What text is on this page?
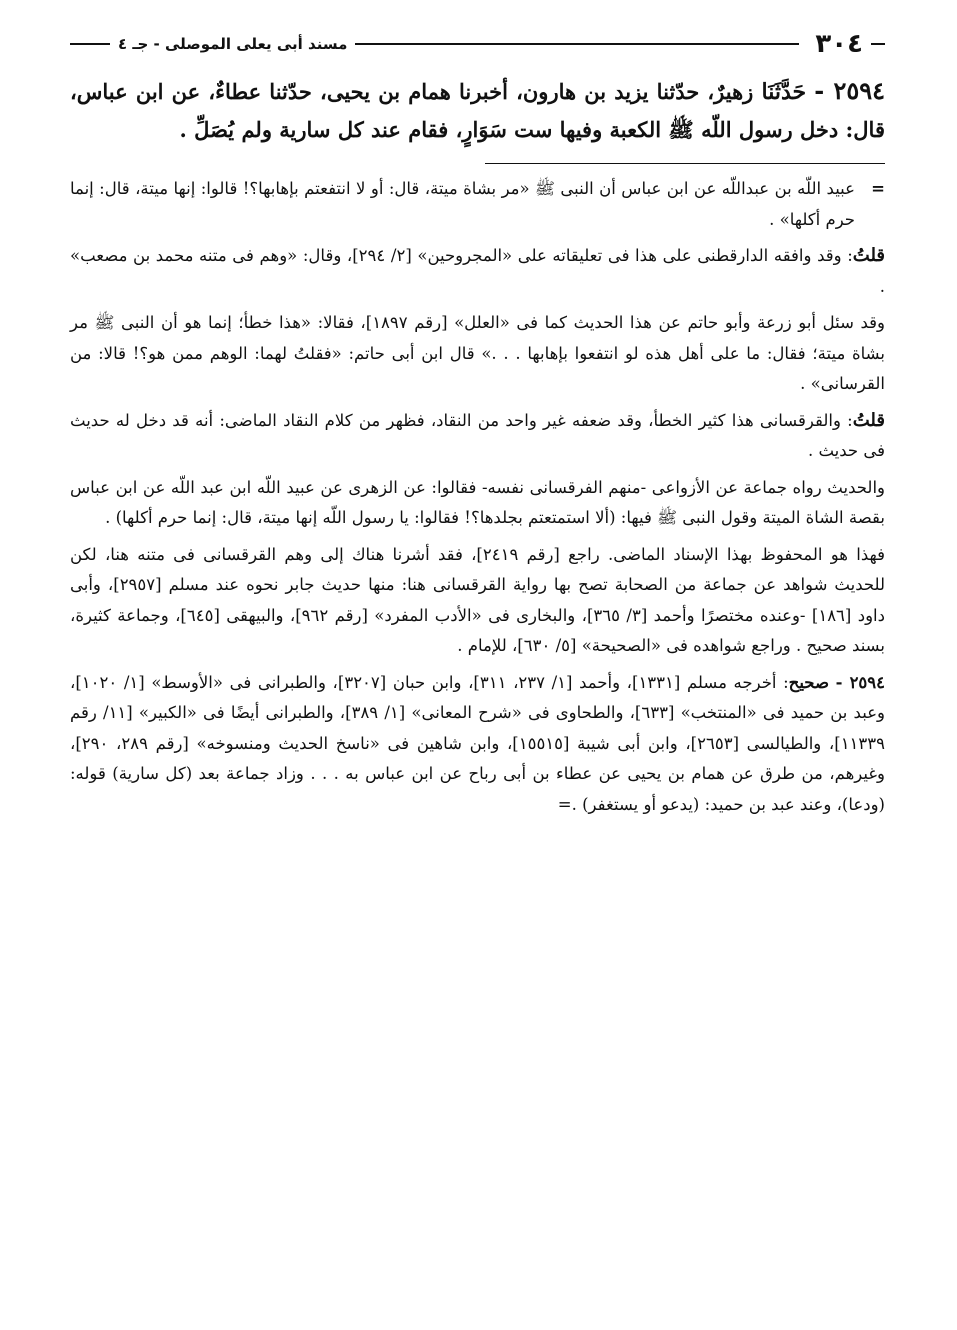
٣٠٤
مسند أبى يعلى الموصلى - جـ ٤
٢٥٩٤ - حَدَّثَنَا زهيرٌ، حدّثنا يزيد بن هارون، أخبرنا همام بن يحيى، حدّثنا عطاءٌ، عن ابن عباس، قال: دخل رسول اللّه ﷺ الكعبة وفيها ست سَوَارٍ، فقام عند كل سارية ولم يُصَلِّ .

=
عبيد اللّه بن عبداللّه عن ابن عباس أن النبى ﷺ «مر بشاة ميتة، قال: أو لا انتفعتم بإهابها؟! قالوا: إنها ميتة، قال: إنما حرم أكلها» .

قلتُ: وقد وافقه الدارقطنى على هذا فى تعليقاته على «المجروحين» [٢/ ٢٩٤]، وقال: «وهم فى متنه محمد بن مصعب» .

وقد سئل أبو زرعة وأبو حاتم عن هذا الحديث كما فى «العلل» [رقم ١٨٩٧]، فقالا: «هذا خطأ؛ إنما هو أن النبى ﷺ مر بشاة ميتة؛ فقال: ما على أهل هذه لو انتفعوا بإهابها . . .» قال ابن أبى حاتم: «فقلتُ لهما: الوهم ممن هو؟! قالا: من القرسانى» .

قلتُ: والقرقسانى هذا كثير الخطأ، وقد ضعفه غير واحد من النقاد، فظهر من كلام النقاد الماضى: أنه قد دخل له حديث فى حديث .

والحديث رواه جماعة عن الأزواعى -منهم الفرقسانى نفسه- فقالوا: عن الزهرى عن عبيد اللّه ابن عبد اللّه عن ابن عباس بقصة الشاة الميتة وقول النبى ﷺ فيها: (ألا استمتعتم بجلدها؟! فقالوا: يا رسول اللّه إنها ميتة، قال: إنما حرم أكلها) .

فهذا هو المحفوظ بهذا الإسناد الماضى. راجع [رقم ٢٤١٩]، فقد أشرنا هناك إلى وهم القرقسانى فى متنه هنا، لكن للحديث شواهد عن جماعة من الصحابة تصح بها رواية القرقسانى هنا: منها حديث جابر نحوه عند مسلم [٢٩٥٧]، وأبى داود [١٨٦] -وعنده مختصرًا وأحمد [٣/ ٣٦٥]، والبخارى فى «الأدب المفرد» [رقم ٩٦٢]، والبيهقى [٦٤٥]، وجماعة كثيرة، بسند صحيح . وراجع شواهده فى «الصحيحة» [٥/ ٦٣٠]، للإمام .

٢٥٩٤ - صحيح: أخرجه مسلم [١٣٣١]، وأحمد [١/ ٢٣٧، ٣١١]، وابن حبان [٣٢٠٧]، والطبرانى فى «الأوسط» [١/ ١٠٢٠]، وعبد بن حميد فى «المنتخب» [٦٣٣]، والطحاوى فى «شرح المعانى» [١/ ٣٨٩]، والطبرانى أيضًا فى «الكبير» [١١/ رقم ١١٣٣٩]، والطيالسى [٢٦٥٣]، وابن أبى شيبة [١٥٥١٥]، وابن شاهين فى «ناسخ الحديث ومنسوخه» [رقم ٢٨٩، ٢٩٠]، وغيرهم، من طرق عن همام بن يحيى عن عطاء بن أبى رباح عن ابن عباس به . . . وزاد جماعة بعد (كل سارية) قوله: (ودعا)، وعند عبد بن حميد: (يدعو أو يستغفر) .=
